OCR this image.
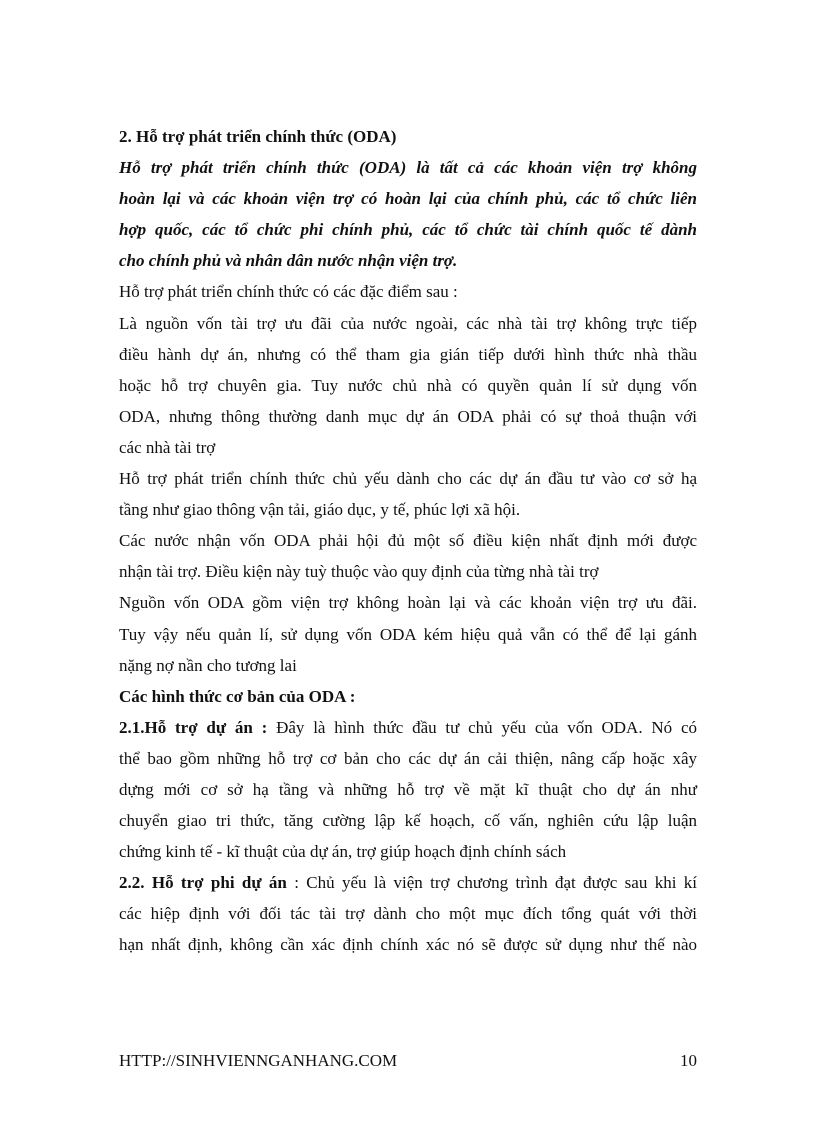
2. Hỗ trợ phát triển chính thức (ODA)
Hỗ trợ phát triển chính thức (ODA) là tất cả các khoản viện trợ không
hoàn lại và các khoản viện trợ có hoàn lại của chính phủ, các tổ chức liên
hợp quốc, các tổ chức phi chính phủ, các tổ chức tài chính quốc tế dành
cho chính phủ và nhân dân nước nhận viện trợ.
Hỗ trợ phát triển chính thức có các đặc điểm sau :
Là nguồn vốn tài trợ ưu đãi của nước ngoài, các nhà tài trợ không trực tiếp
điều hành dự án, nhưng có thể tham gia gián tiếp dưới hình thức nhà thầu
hoặc hỗ trợ chuyên gia. Tuy nước chủ nhà có quyền quản lí sử dụng vốn
ODA, nhưng thông thường danh mục dự án ODA phải có sự thoả thuận với
các nhà tài trợ
Hỗ trợ phát triển chính thức chủ yếu dành cho các dự án đầu tư vào cơ sở hạ
tầng như giao thông vận tải, giáo dục, y tế, phúc lợi xã hội.
Các nước nhận vốn ODA phải hội đủ một số điều kiện nhất định mới được
nhận tài trợ. Điều kiện này tuỳ thuộc vào quy định của từng nhà tài trợ
Nguồn vốn ODA gồm viện trợ không hoàn lại và các khoản viện trợ ưu đãi.
Tuy vậy nếu quản lí, sử dụng vốn ODA kém hiệu quả vẫn có thể để lại gánh
nặng nợ nần cho tương lai
Các hình thức cơ bản của ODA :
2.1.Hỗ trợ dự án : Đây là hình thức đầu tư chủ yếu của vốn ODA. Nó có
thể bao gồm những hỗ trợ cơ bản cho các dự án cải thiện, nâng cấp hoặc xây
dựng mới cơ sở hạ tầng và những hỗ trợ về mặt kĩ thuật cho dự án như
chuyển giao tri thức, tăng cường lập kế hoạch, cố vấn, nghiên cứu lập luận
chứng kinh tế - kĩ thuật của dự án, trợ giúp hoạch định chính sách
2.2. Hỗ trợ phi dự án : Chủ yếu là viện trợ chương trình đạt được sau khi kí
các hiệp định với đối tác tài trợ dành cho một mục đích tổng quát với thời
hạn nhất định, không cần xác định chính xác nó sẽ được sử dụng như thế nào
HTTP://SINHVIENNGANHANG.COM	10
